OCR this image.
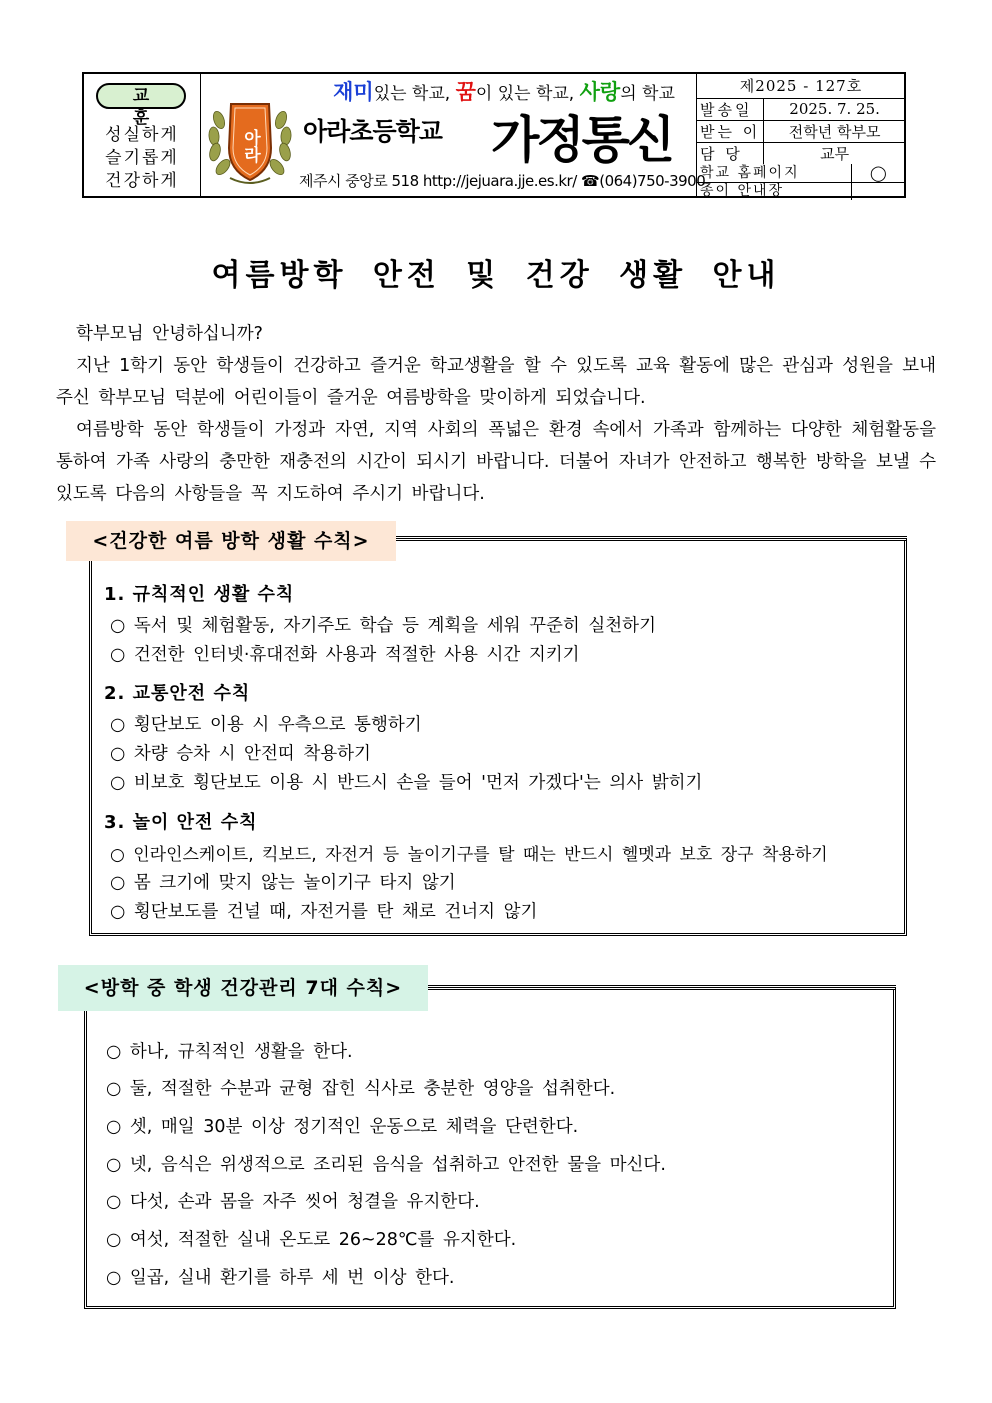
교 훈
성실하게
슬기롭게
건강하게
아라
재미있는 학교, 꿈이 있는 학교, 사랑의 학교
아라초등학교 가정통신
제주시 중앙로 518 http://jejuara.jje.es.kr/ ☎(064)750-3900
제2025 - 127호	
발송일	2025. 7. 25.
받는 이	전학년 학부모
담 당	교무
학교 홈페이지	◯
종이 안내장	
여름방학 안전 및 건강 생활 안내
학부모님 안녕하십니까?
지난 1학기 동안 학생들이 건강하고 즐거운 학교생활을 할 수 있도록 교육 활동에 많은 관심과 성원을 보내주신 학부모님 덕분에 어린이들이 즐거운 여름방학을 맞이하게 되었습니다.
여름방학 동안 학생들이 가정과 자연, 지역 사회의 폭넓은 환경 속에서 가족과 함께하는 다양한 체험활동을 통하여 가족 사랑의 충만한 재충전의 시간이 되시기 바랍니다. 더불어 자녀가 안전하고 행복한 방학을 보낼 수 있도록 다음의 사항들을 꼭 지도하여 주시기 바랍니다.
<건강한 여름 방학 생활 수칙>
1. 규칙적인 생활 수칙
○ 독서 및 체험활동, 자기주도 학습 등 계획을 세워 꾸준히 실천하기
○ 건전한 인터넷·휴대전화 사용과 적절한 사용 시간 지키기
2. 교통안전 수칙
○ 횡단보도 이용 시 우측으로 통행하기
○ 차량 승차 시 안전띠 착용하기
○ 비보호 횡단보도 이용 시 반드시 손을 들어 '먼저 가겠다'는 의사 밝히기
3. 놀이 안전 수칙
○ 인라인스케이트, 킥보드, 자전거 등 놀이기구를 탈 때는 반드시 헬멧과 보호 장구 착용하기
○ 몸 크기에 맞지 않는 놀이기구 타지 않기
○ 횡단보도를 건널 때, 자전거를 탄 채로 건너지 않기
<방학 중 학생 건강관리 7대 수칙>
○ 하나, 규칙적인 생활을 한다.
○ 둘, 적절한 수분과 균형 잡힌 식사로 충분한 영양을 섭취한다.
○ 셋, 매일 30분 이상 정기적인 운동으로 체력을 단련한다.
○ 넷, 음식은 위생적으로 조리된 음식을 섭취하고 안전한 물을 마신다.
○ 다섯, 손과 몸을 자주 씻어 청결을 유지한다.
○ 여섯, 적절한 실내 온도로 26~28℃를 유지한다.
○ 일곱, 실내 환기를 하루 세 번 이상 한다.
